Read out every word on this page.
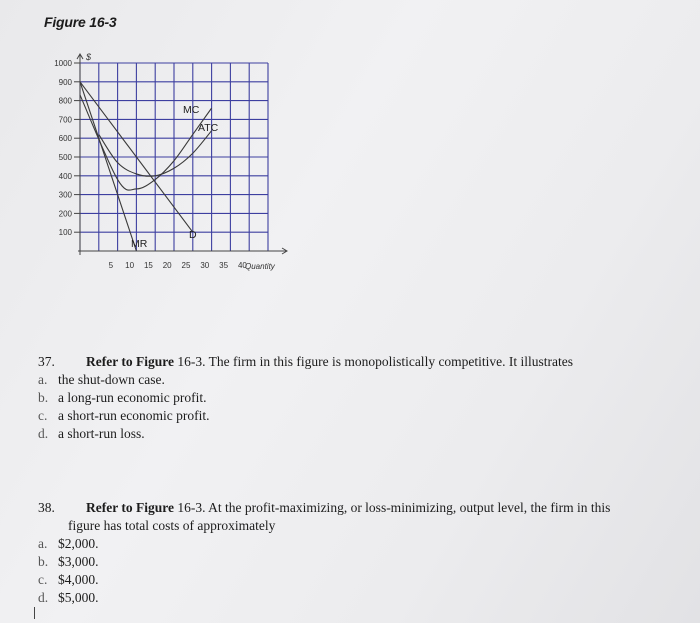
Figure 16-3
1000
900
800
700
600
500
400
300
200
100
5 10 15 20 25 30 35 40
$
Quantity
MC
ATC
D
MR
37. Refer to Figure 16-3. The firm in this figure is monopolistically competitive. It illustrates
a. the shut-down case.
b. a long-run economic profit.
c. a short-run economic profit.
d. a short-run loss.
38. Refer to Figure 16-3. At the profit-maximizing, or loss-minimizing, output level, the firm in this
figure has total costs of approximately
a. $2,000.
b. $3,000.
c. $4,000.
d. $5,000.
